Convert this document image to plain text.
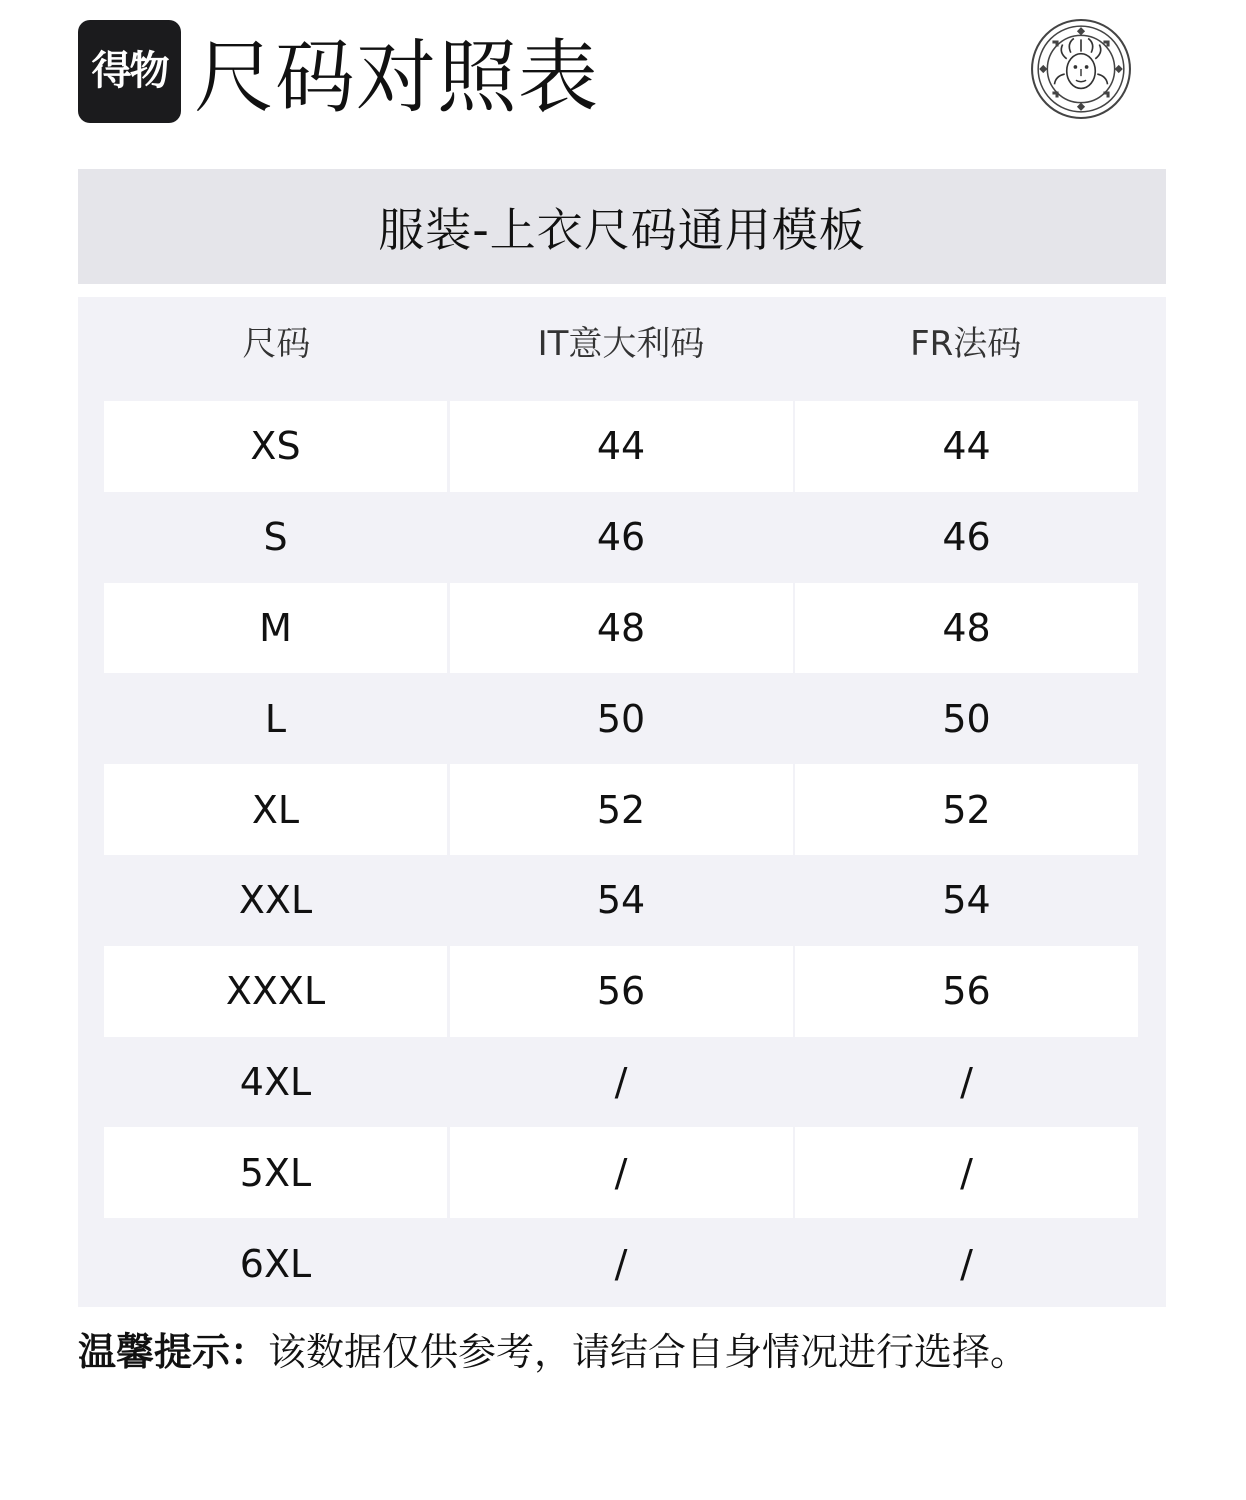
得物 尺码对照表
服装-上衣尺码通用模板
尺码	IT意大利码	FR法码
XS	44	44
S	46	46
M	48	48
L	50	50
XL	52	52
XXL	54	54
XXXL	56	56
4XL	/	/
5XL	/	/
6XL	/	/
温馨提示：该数据仅供参考，请结合自身情况进行选择。
